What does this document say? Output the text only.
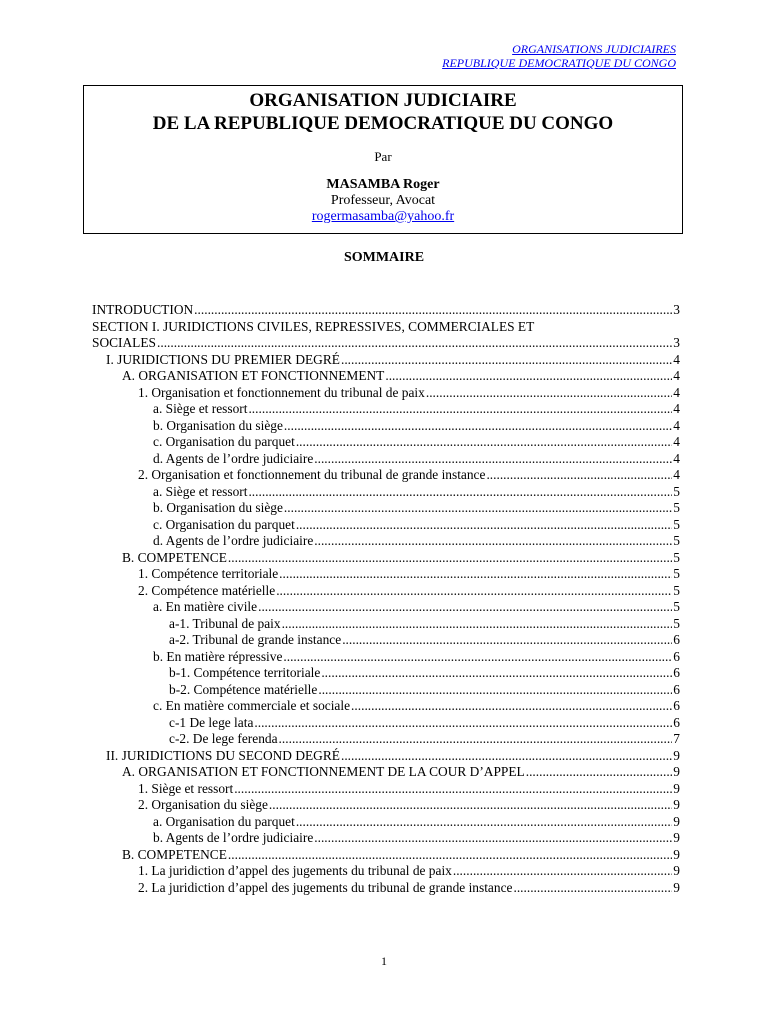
ORGANISATIONS JUDICIAIRES
REPUBLIQUE DEMOCRATIQUE DU CONGO
ORGANISATION JUDICIAIRE
DE LA REPUBLIQUE DEMOCRATIQUE DU CONGO
Par
MASAMBA Roger
Professeur, Avocat
rogermasamba@yahoo.fr
SOMMAIRE
INTRODUCTION .....	3
SECTION I. JURIDICTIONS CIVILES, REPRESSIVES, COMMERCIALES ET
SOCIALES .....	3
I. JURIDICTIONS DU PREMIER DEGRÉ .....	4
A. ORGANISATION ET FONCTIONNEMENT .....	4
1. Organisation et fonctionnement du tribunal de paix .....	4
a. Siège et ressort .....	4
b. Organisation du siège .....	4
c. Organisation du parquet .....	4
d. Agents de l’ordre judiciaire .....	4
2. Organisation et fonctionnement du tribunal de grande instance .....	4
a. Siège et ressort .....	5
b. Organisation du siège .....	5
c. Organisation du parquet .....	5
d. Agents de l’ordre judiciaire .....	5
B. COMPETENCE .....	5
1. Compétence territoriale .....	5
2. Compétence matérielle .....	5
a. En matière civile .....	5
a-1. Tribunal de paix .....	5
a-2. Tribunal de grande instance .....	6
b. En matière répressive .....	6
b-1. Compétence territoriale .....	6
b-2. Compétence matérielle .....	6
c. En matière commerciale et sociale .....	6
c-1 De lege lata .....	6
c-2. De lege ferenda .....	7
II. JURIDICTIONS DU SECOND DEGRÉ .....	9
A. ORGANISATION ET FONCTIONNEMENT DE LA COUR D’APPEL .....	9
1. Siège et ressort .....	9
2. Organisation du siège .....	9
a. Organisation du parquet .....	9
b. Agents de l’ordre judiciaire .....	9
B. COMPETENCE .....	9
1. La juridiction d’appel des jugements du tribunal de paix .....	9
2. La juridiction d’appel des jugements du tribunal de grande instance .....	9
1
